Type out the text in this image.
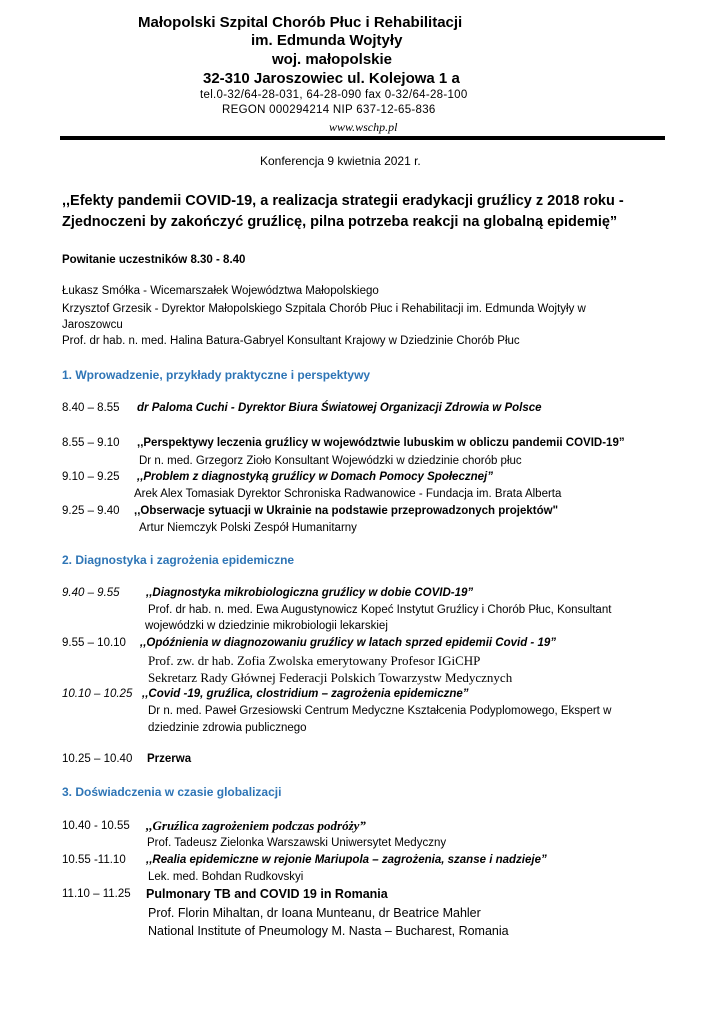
Małopolski Szpital Chorób Płuc i Rehabilitacji
im. Edmunda Wojtyły
woj. małopolskie
32-310 Jaroszowiec ul. Kolejowa 1 a
tel.0-32/64-28-031, 64-28-090 fax 0-32/64-28-100
REGON 000294214 NIP 637-12-65-836
www.wschp.pl
Konferencja 9 kwietnia 2021 r.
,,Efekty pandemii COVID-19, a realizacja strategii eradykacji gruźlicy z 2018 roku -
Zjednoczeni by zakończyć gruźlicę, pilna potrzeba reakcji na globalną epidemię”
Powitanie uczestników 8.30 - 8.40
Łukasz Smółka - Wicemarszałek Województwa Małopolskiego
Krzysztof Grzesik - Dyrektor Małopolskiego Szpitala Chorób Płuc i Rehabilitacji im. Edmunda Wojtyły w
Jaroszowcu
Prof. dr hab. n. med. Halina Batura-Gabryel Konsultant Krajowy w Dziedzinie Chorób Płuc
1. Wprowadzenie, przykłady praktyczne i perspektywy
8.40 – 8.55 dr Paloma Cuchi - Dyrektor Biura Światowej Organizacji Zdrowia w Polsce
8.55 – 9.10 ,,Perspektywy leczenia gruźlicy w województwie lubuskim w obliczu pandemii COVID-19”
Dr n. med. Grzegorz Zioło Konsultant Wojewódzki w dziedzinie chorób płuc
9.10 – 9.25 ,,Problem z diagnostyką gruźlicy w Domach Pomocy Społecznej”
Arek Alex Tomasiak Dyrektor Schroniska Radwanowice - Fundacja im. Brata Alberta
9.25 – 9.40 ,,Obserwacje sytuacji w Ukrainie na podstawie przeprowadzonych projektów"
Artur Niemczyk Polski Zespół Humanitarny
2. Diagnostyka i zagrożenia epidemiczne
9.40 – 9.55 ,,Diagnostyka mikrobiologiczna gruźlicy w dobie COVID-19”
Prof. dr hab. n. med. Ewa Augustynowicz Kopeć Instytut Gruźlicy i Chorób Płuc, Konsultant
wojewódzki w dziedzinie mikrobiologii lekarskiej
9.55 – 10.10 ,,Opóźnienia w diagnozowaniu gruźlicy w latach sprzed epidemii Covid - 19”
Prof. zw. dr hab. Zofia Zwolska emerytowany Profesor IGiCHP
Sekretarz Rady Głównej Federacji Polskich Towarzystw Medycznych
10.10 – 10.25 ,,Covid -19, gruźlica, clostridium – zagrożenia epidemiczne”
Dr n. med. Paweł Grzesiowski Centrum Medyczne Kształcenia Podyplomowego, Ekspert w
dziedzinie zdrowia publicznego
10.25 – 10.40 Przerwa
3. Doświadczenia w czasie globalizacji
10.40 - 10.55 ,,Gruźlica zagrożeniem podczas podróży”
Prof. Tadeusz Zielonka Warszawski Uniwersytet Medyczny
10.55 -11.10 ,,Realia epidemiczne w rejonie Mariupola – zagrożenia, szanse i nadzieje”
Lek. med. Bohdan Rudkovskyi
11.10 – 11.25 Pulmonary TB and COVID 19 in Romania
Prof. Florin Mihaltan, dr Ioana Munteanu, dr Beatrice Mahler
National Institute of Pneumology M. Nasta – Bucharest, Romania
